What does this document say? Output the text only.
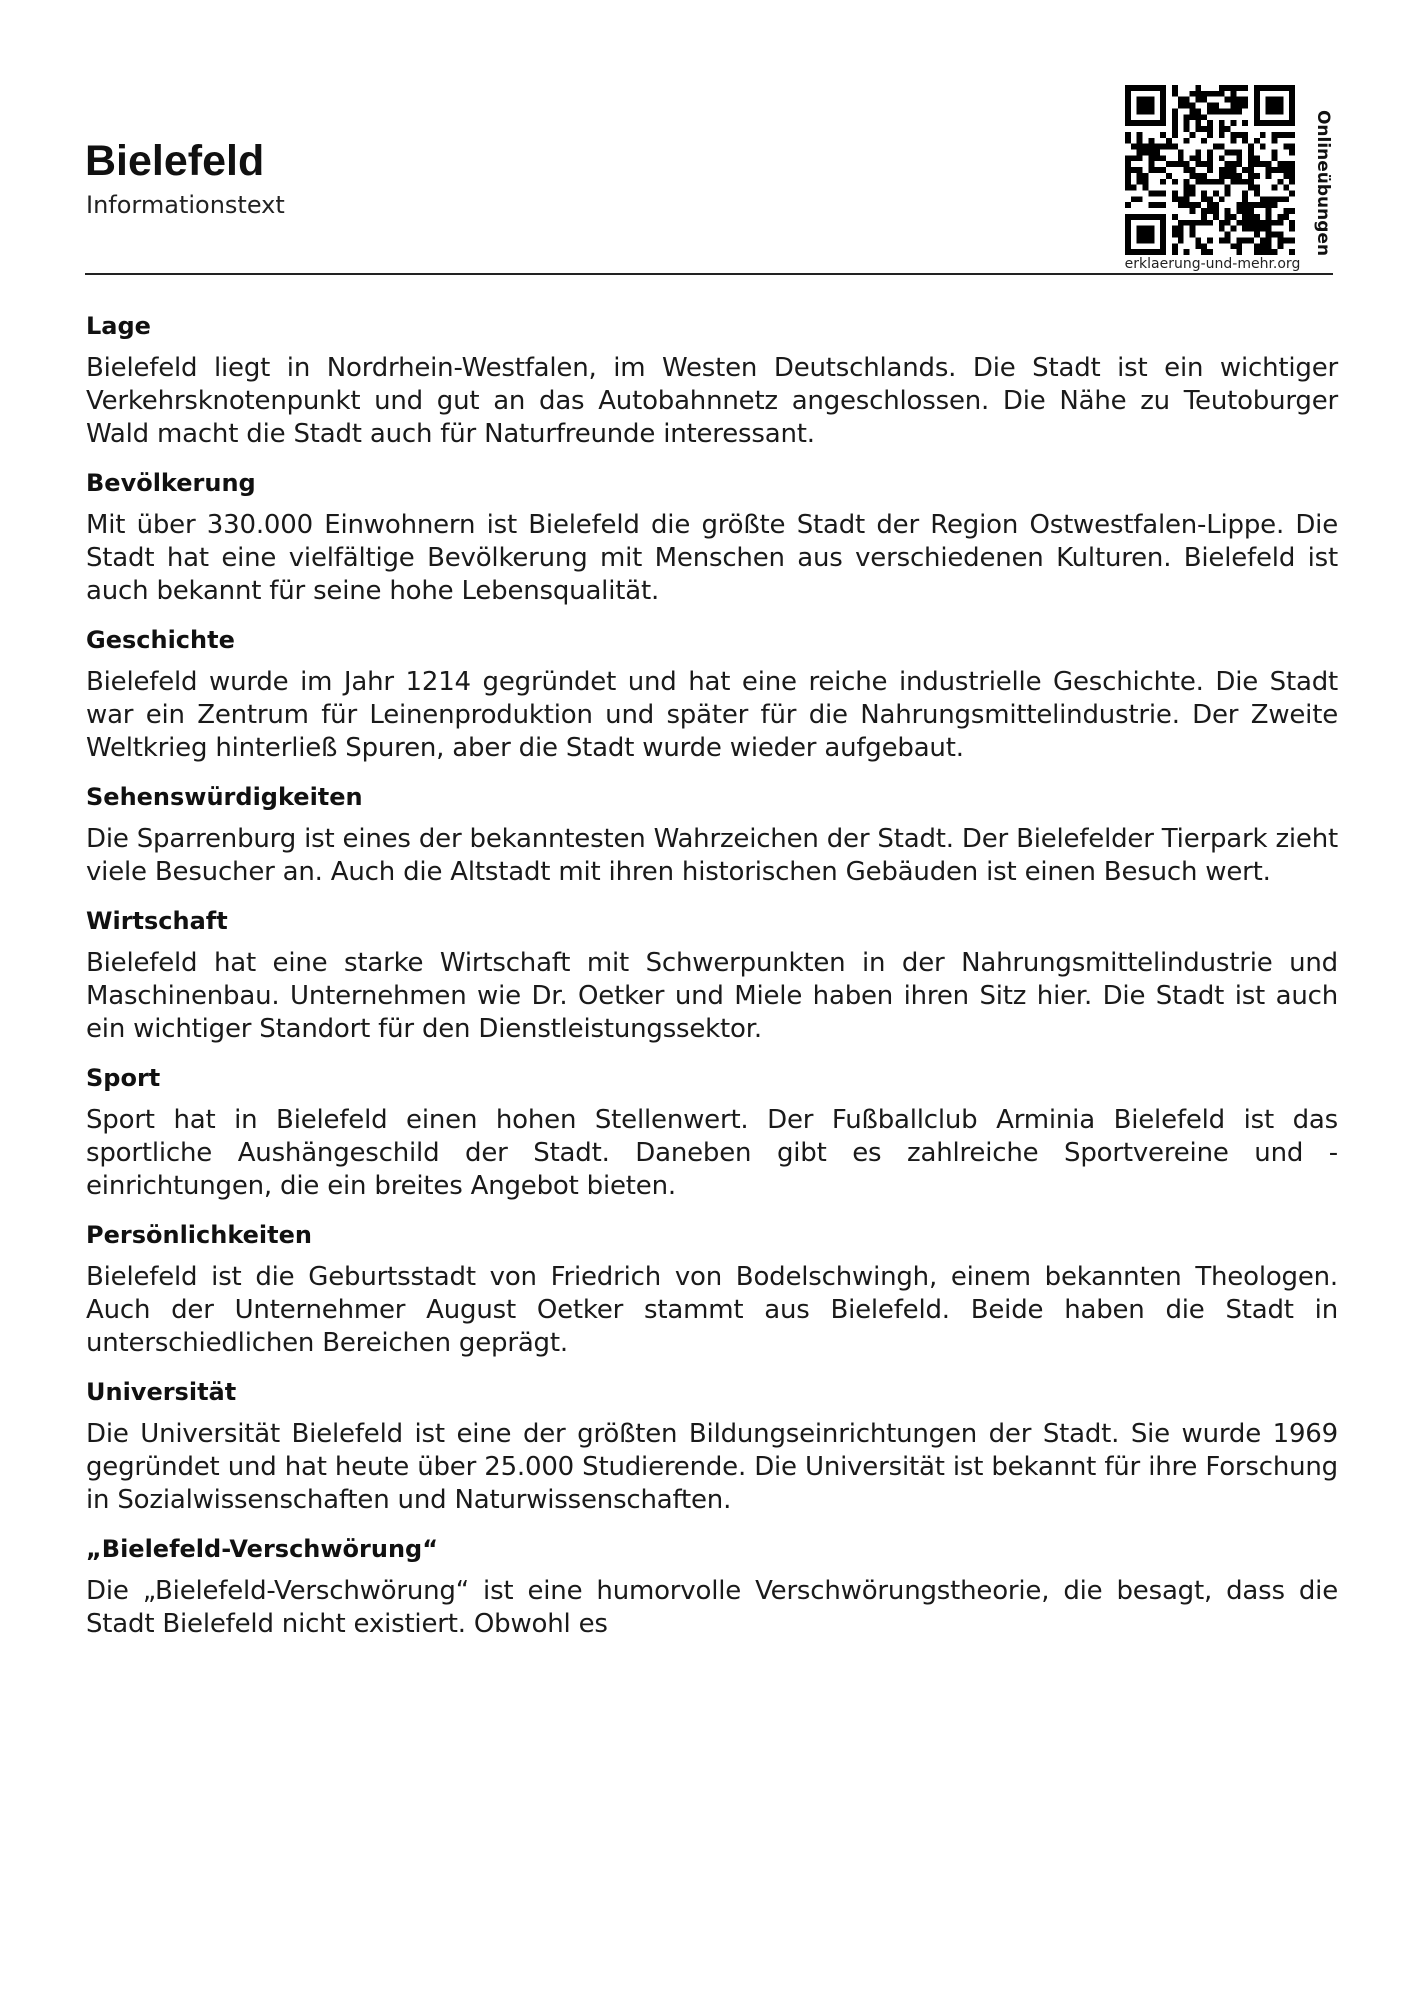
Bielefeld
Informationstext
erklaerung-und-mehr.org
Onlineübungen
Lage

Bielefeld liegt in Nordrhein-Westfalen, im Westen Deutschlands. Die Stadt ist ein wichtiger Verkehrsknotenpunkt und gut an das Autobahnnetz angeschlossen. Die Nähe zu Teutoburger Wald macht die Stadt auch für Naturfreunde interessant.

Bevölkerung

Mit über 330.000 Einwohnern ist Bielefeld die größte Stadt der Region Ostwestfalen-Lippe. Die Stadt hat eine vielfältige Bevölkerung mit Menschen aus verschiedenen Kulturen. Bielefeld ist auch bekannt für seine hohe Lebensqualität.

Geschichte

Bielefeld wurde im Jahr 1214 gegründet und hat eine reiche industrielle Geschichte. Die Stadt war ein Zentrum für Leinenproduktion und später für die Nahrungsmittelindustrie. Der Zweite Weltkrieg hinterließ Spuren, aber die Stadt wurde wieder aufgebaut.

Sehenswürdigkeiten

Die Sparrenburg ist eines der bekanntesten Wahrzeichen der Stadt. Der Bielefelder Tierpark zieht viele Besucher an. Auch die Altstadt mit ihren historischen Gebäuden ist einen Besuch wert.

Wirtschaft

Bielefeld hat eine starke Wirtschaft mit Schwerpunkten in der Nahrungsmittelindustrie und Maschinenbau. Unternehmen wie Dr. Oetker und Miele haben ihren Sitz hier. Die Stadt ist auch ein wichtiger Standort für den Dienstleistungssektor.

Sport

Sport hat in Bielefeld einen hohen Stellenwert. Der Fußballclub Arminia Bielefeld ist das sportliche Aushängeschild der Stadt. Daneben gibt es zahlreiche Sportvereine und -einrichtungen, die ein breites Angebot bieten.

Persönlichkeiten

Bielefeld ist die Geburtsstadt von Friedrich von Bodelschwingh, einem bekannten Theologen. Auch der Unternehmer August Oetker stammt aus Bielefeld. Beide haben die Stadt in unterschiedlichen Bereichen geprägt.

Universität

Die Universität Bielefeld ist eine der größten Bildungseinrichtungen der Stadt. Sie wurde 1969 gegründet und hat heute über 25.000 Studierende. Die Universität ist bekannt für ihre Forschung in Sozialwissenschaften und Naturwissenschaften.

„Bielefeld-Verschwörung“

Die „Bielefeld-Verschwörung“ ist eine humorvolle Verschwörungstheorie, die besagt, dass die Stadt Bielefeld nicht existiert. Obwohl es
